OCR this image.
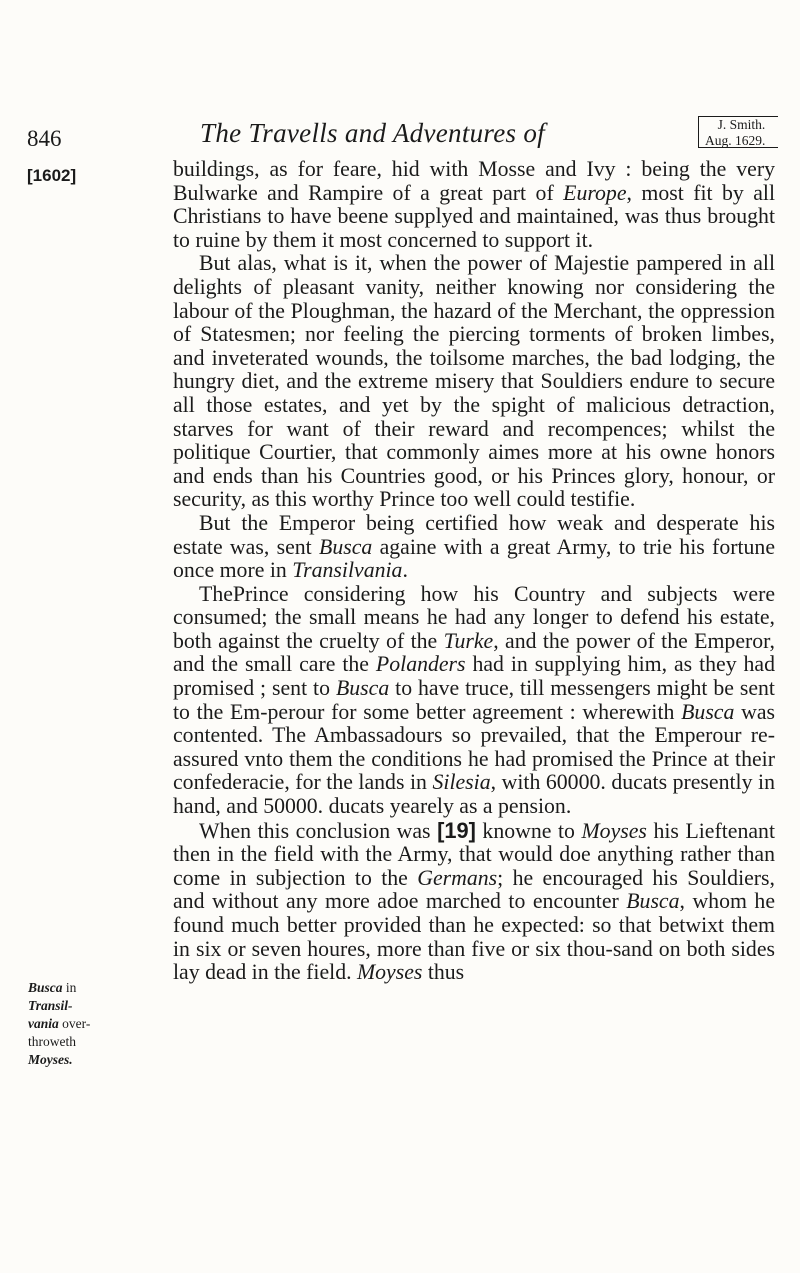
846	The Travells and Adventures of	J. Smith.
Aug. 1629.
[1602]
Busca in
Transil-
vania over-
throweth
Moyses.

buildings, as for feare, hid with Mosse and Ivy : being the very Bulwarke and Rampire of a great part of Europe, most fit by all Christians to have beene supplyed and maintained, was thus brought to ruine by them it most concerned to support it.

But alas, what is it, when the power of Majestie pampered in all delights of pleasant vanity, neither knowing nor considering the labour of the Ploughman, the hazard of the Merchant, the oppression of Statesmen; nor feeling the piercing torments of broken limbes, and inveterated wounds, the toilsome marches, the bad lodging, the hungry diet, and the extreme misery that Souldiers endure to secure all those estates, and yet by the spight of malicious detraction, starves for want of their reward and recompences; whilst the politique Courtier, that commonly aimes more at his owne honors and ends than his Countries good, or his Princes glory, honour, or security, as this worthy Prince too well could testifie.

But the Emperor being certified how weak and desperate his estate was, sent Busca againe with a great Army, to trie his fortune once more in Transilvania.

ThePrince considering how his Country and subjects were consumed; the small means he had any longer to defend his estate, both against the cruelty of the Turke, and the power of the Emperor, and the small care the Polanders had in supplying him, as they had promised ; sent to Busca to have truce, till messengers might be sent to the Em-perour for some better agreement : wherewith Busca was contented. The Ambassadours so prevailed, that the Emperour re-assured vnto them the conditions he had promised the Prince at their confederacie, for the lands in Silesia, with 60000. ducats presently in hand, and 50000. ducats yearely as a pension.

When this conclusion was [19] knowne to Moyses his Lieftenant then in the field with the Army, that would doe anything rather than come in subjection to the Germans; he encouraged his Souldiers, and without any more adoe marched to encounter Busca, whom he found much better provided than he expected: so that betwixt them in six or seven houres, more than five or six thou-sand on both sides lay dead in the field. Moyses thus
